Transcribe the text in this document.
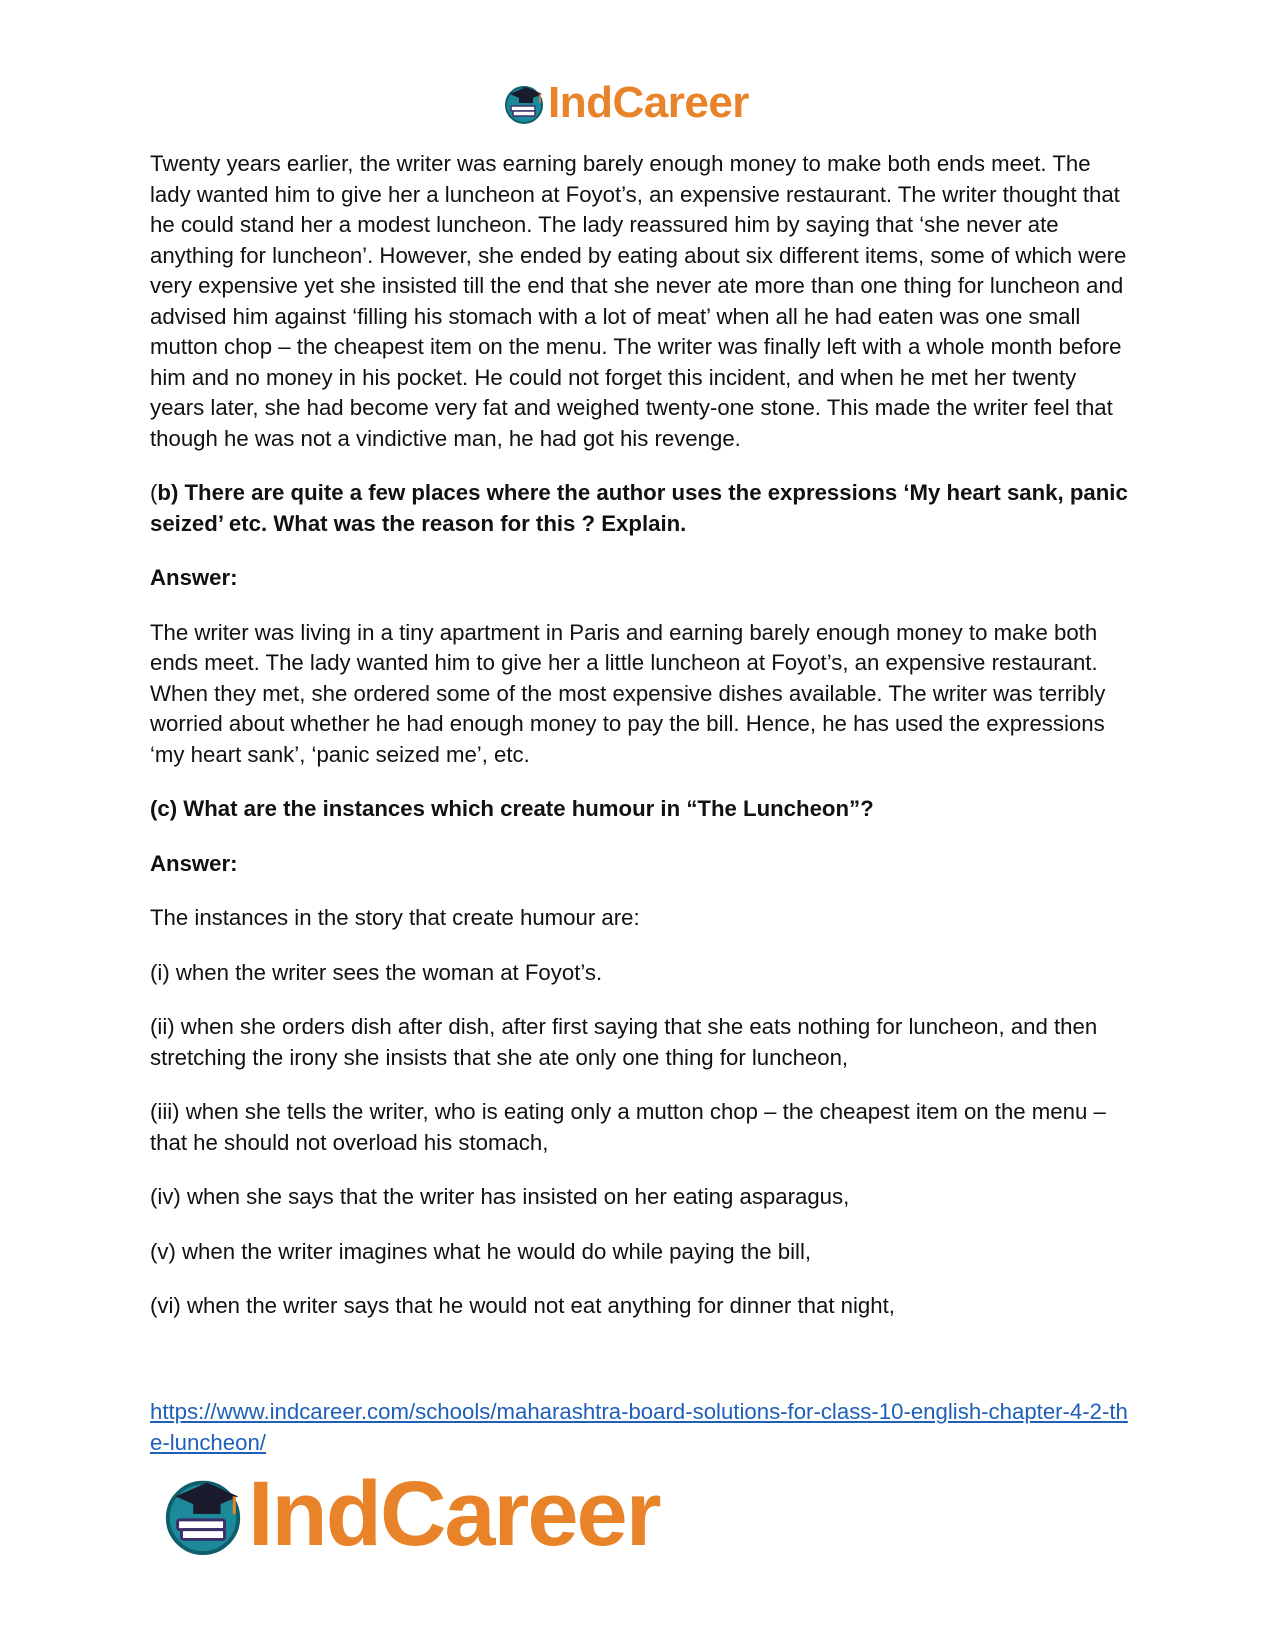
IndCareer

Twenty years earlier, the writer was earning barely enough money to make both ends meet. The lady wanted him to give her a luncheon at Foyot’s, an expensive restaurant. The writer thought that he could stand her a modest luncheon. The lady reassured him by saying that ‘she never ate anything for luncheon’. However, she ended by eating about six different items, some of which were very expensive yet she insisted till the end that she never ate more than one thing for luncheon and advised him against ‘filling his stomach with a lot of meat’ when all he had eaten was one small mutton chop – the cheapest item on the menu. The writer was finally left with a whole month before him and no money in his pocket. He could not forget this incident, and when he met her twenty years later, she had become very fat and weighed twenty-one stone. This made the writer feel that though he was not a vindictive man, he had got his revenge.

(b) There are quite a few places where the author uses the expressions ‘My heart sank, panic seized’ etc. What was the reason for this ? Explain.

Answer:

The writer was living in a tiny apartment in Paris and earning barely enough money to make both ends meet. The lady wanted him to give her a little luncheon at Foyot’s, an expensive restaurant. When they met, she ordered some of the most expensive dishes available. The writer was terribly worried about whether he had enough money to pay the bill. Hence, he has used the expressions ‘my heart sank’, ‘panic seized me’, etc.

(c) What are the instances which create humour in “The Luncheon”?

Answer:

The instances in the story that create humour are:

(i) when the writer sees the woman at Foyot’s.

(ii) when she orders dish after dish, after first saying that she eats nothing for luncheon, and then stretching the irony she insists that she ate only one thing for luncheon,

(iii) when she tells the writer, who is eating only a mutton chop – the cheapest item on the menu – that he should not overload his stomach,

(iv) when she says that the writer has insisted on her eating asparagus,

(v) when the writer imagines what he would do while paying the bill,

(vi) when the writer says that he would not eat anything for dinner that night,

https://www.indcareer.com/schools/maharashtra-board-solutions-for-class-10-english-chapter-4-2-the-luncheon/
IndCareer
